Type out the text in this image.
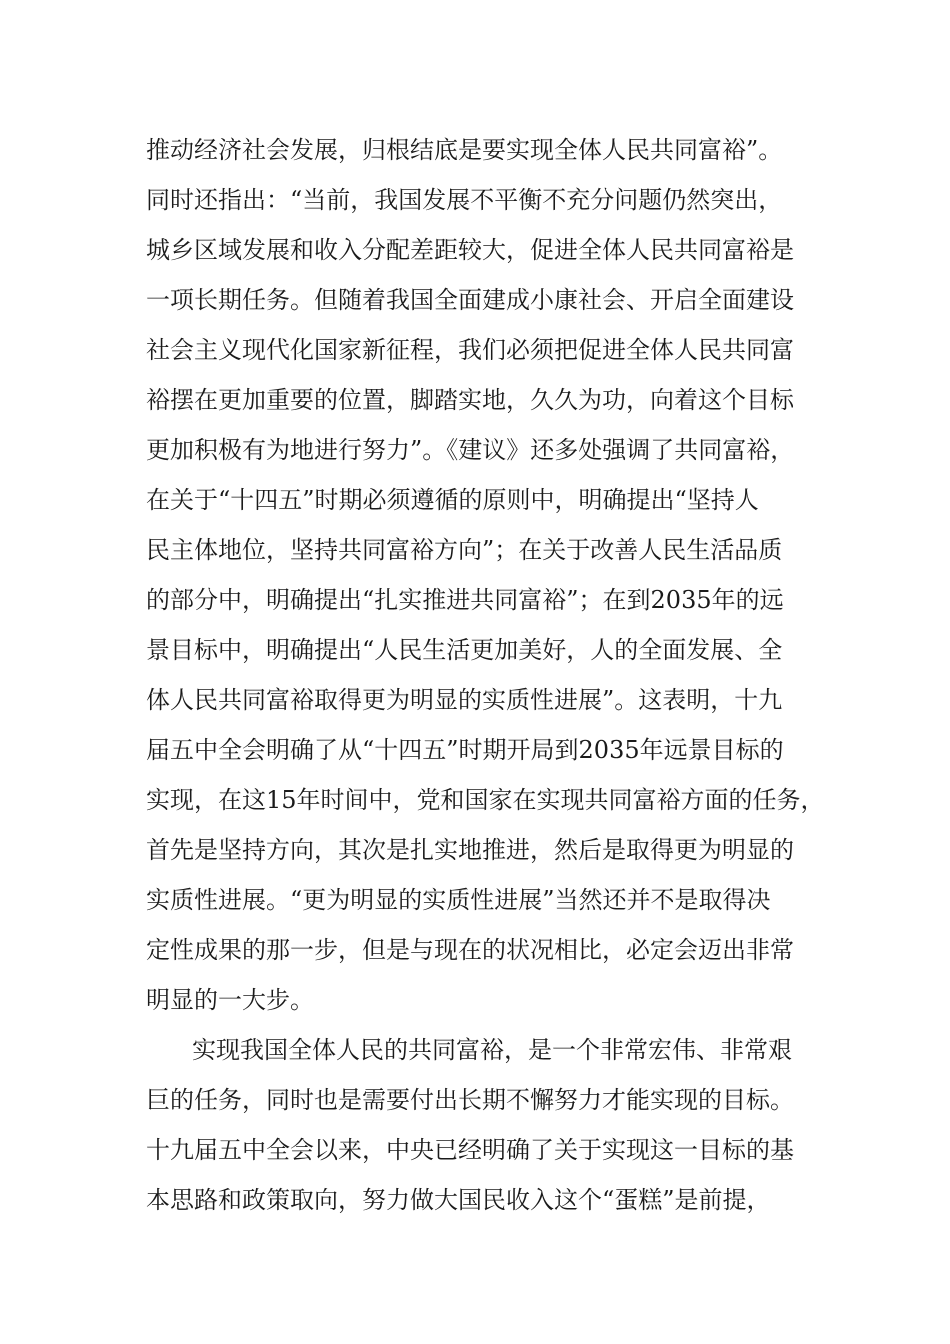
推动经济社会发展，归根结底是要实现全体人民共同富裕”。
同时还指出：“当前，我国发展不平衡不充分问题仍然突出，
城乡区域发展和收入分配差距较大，促进全体人民共同富裕是
一项长期任务。但随着我国全面建成小康社会、开启全面建设
社会主义现代化国家新征程，我们必须把促进全体人民共同富
裕摆在更加重要的位置，脚踏实地，久久为功，向着这个目标
更加积极有为地进行努力”。《建议》还多处强调了共同富裕，
在关于“十四五”时期必须遵循的原则中，明确提出“坚持人
民主体地位，坚持共同富裕方向”；在关于改善人民生活品质
的部分中，明确提出“扎实推进共同富裕”；在到2035年的远
景目标中，明确提出“人民生活更加美好，人的全面发展、全
体人民共同富裕取得更为明显的实质性进展”。这表明，十九
届五中全会明确了从“十四五”时期开局到2035年远景目标的
实现，在这15年时间中，党和国家在实现共同富裕方面的任务，
首先是坚持方向，其次是扎实地推进，然后是取得更为明显的
实质性进展。“更为明显的实质性进展”当然还并不是取得决
定性成果的那一步，但是与现在的状况相比，必定会迈出非常
明显的一大步。
实现我国全体人民的共同富裕，是一个非常宏伟、非常艰
巨的任务，同时也是需要付出长期不懈努力才能实现的目标。
十九届五中全会以来，中央已经明确了关于实现这一目标的基
本思路和政策取向，努力做大国民收入这个“蛋糕”是前提，
